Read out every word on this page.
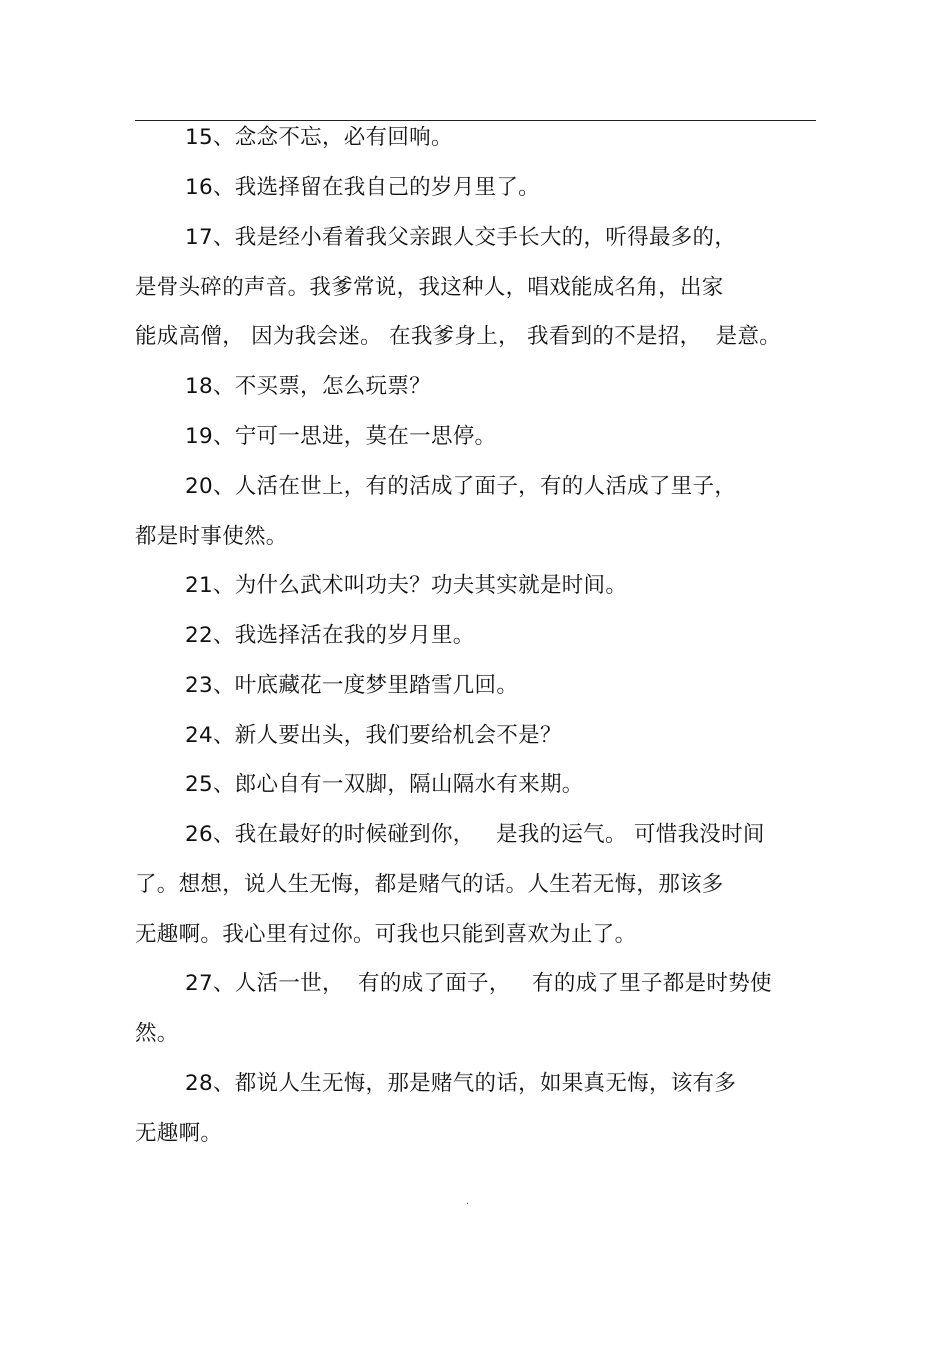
15、念念不忘，必有回响。
16、我选择留在我自己的岁月里了。
17、我是经小看着我父亲跟人交手长大的，听得最多的，
是骨头碎的声音。我爹常说，我这种人，唱戏能成名角，出家
能成高僧， 因为我会迷。 在我爹身上， 我看到的不是招，  是意。
18、不买票，怎么玩票？
19、宁可一思进，莫在一思停。
20、人活在世上，有的活成了面子，有的人活成了里子，
都是时事使然。
21、为什么武术叫功夫？功夫其实就是时间。
22、我选择活在我的岁月里。
23、叶底藏花一度梦里踏雪几回。
24、新人要出头，我们要给机会不是？
25、郎心自有一双脚，隔山隔水有来期。
26、我在最好的时候碰到你，   是我的运气。 可惜我没时间
了。想想，说人生无悔，都是赌气的话。人生若无悔，那该多
无趣啊。我心里有过你。可我也只能到喜欢为止了。
27、人活一世，  有的成了面子，   有的成了里子都是时势使
然。
28、都说人生无悔，那是赌气的话，如果真无悔，该有多
无趣啊。
.
